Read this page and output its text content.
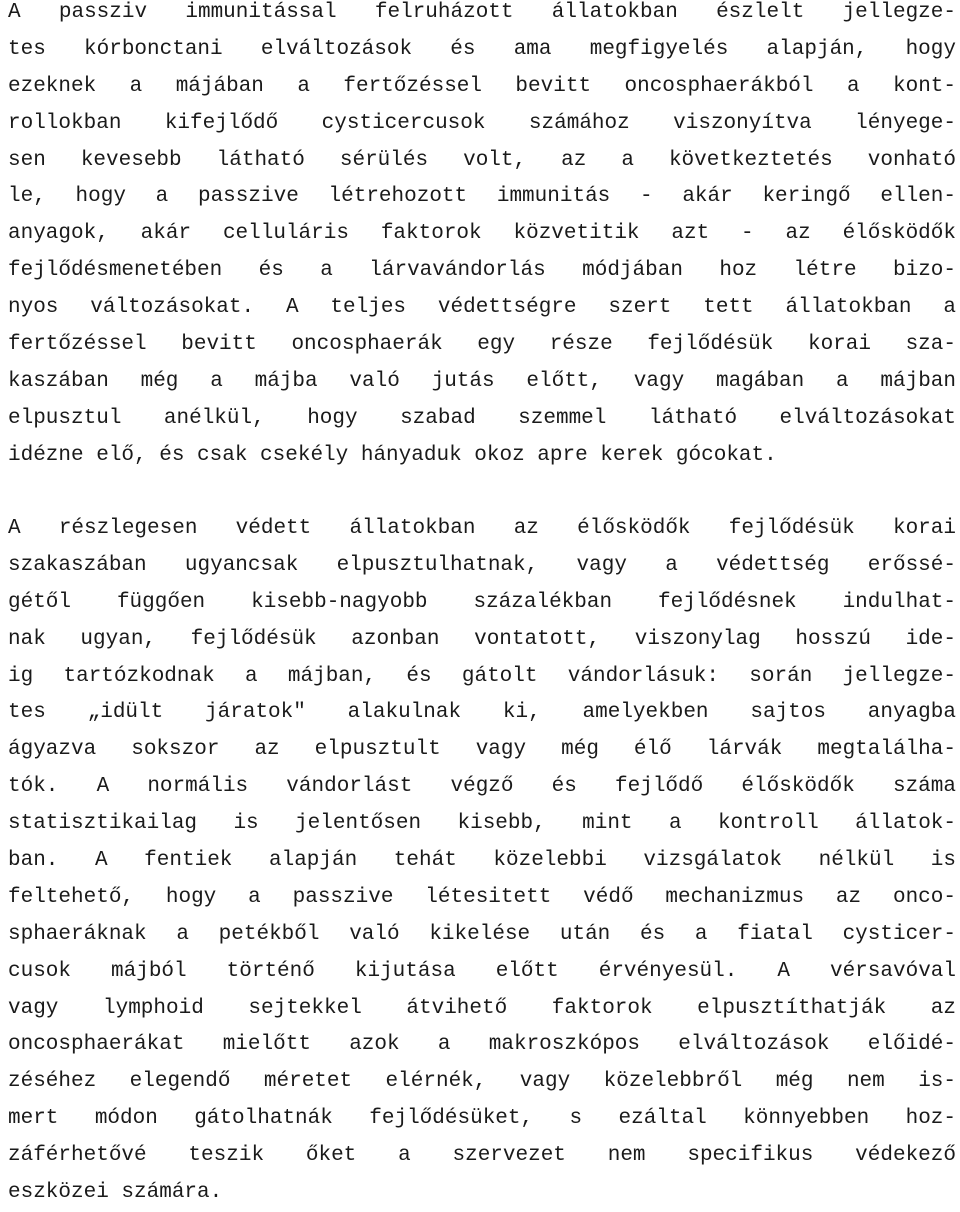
A passziv immunitással felruházott állatokban észlelt jellegze-
tes kórbonctani elváltozások és ama megfigyelés alapján, hogy
ezeknek a májában a fertőzéssel bevitt oncosphaerákból a kont-
rollokban kifejlődő cysticercusok számához viszonyítva lényege-
sen kevesebb látható sérülés volt, az a következtetés vonható
le, hogy a passzive létrehozott immunitás - akár keringő ellen-
anyagok, akár celluláris faktorok közvetitik azt - az élősködők
fejlődésmenetében és a lárvavándorlás módjában hoz létre bizo-
nyos változásokat. A teljes védettségre szert tett állatokban a
fertőzéssel bevitt oncosphaerák egy része fejlődésük korai sza-
kaszában még a májba való jutás előtt, vagy magában a májban
elpusztul anélkül, hogy szabad szemmel látható elváltozásokat
idézne elő, és csak csekély hányaduk okoz apre kerek gócokat.
A részlegesen védett állatokban az élősködők fejlődésük korai
szakaszában ugyancsak elpusztulhatnak, vagy a védettség erőssé-
gétől függően kisebb-nagyobb százalékban fejlődésnek indulhat-
nak ugyan, fejlődésük azonban vontatott, viszonylag hosszú ide-
ig tartózkodnak a májban, és gátolt vándorlásuk: során jellegze-
tes „idült járatok" alakulnak ki, amelyekben sajtos anyagba
ágyazva sokszor az elpusztult vagy még élő lárvák megtalálha-
tók. A normális vándorlást végző és fejlődő élősködők száma
statisztikailag is jelentősen kisebb, mint a kontroll állatok-
ban. A fentiek alapján tehát közelebbi vizsgálatok nélkül is
feltehető, hogy a passzive létesitett védő mechanizmus az onco-
sphaeráknak a petékből való kikelése után és a fiatal cysticer-
cusok májból történő kijutása előtt érvényesül. A vérsavóval
vagy lymphoid sejtekkel átvihető faktorok elpusztíthatják az
oncosphaerákat mielőtt azok a makroszkópos elváltozások előidé-
zéséhez elegendő méretet elérnék, vagy közelebbről még nem is-
mert módon gátolhatnák fejlődésüket, s ezáltal könnyebben hoz-
záférhetővé teszik őket a szervezet nem specifikus védekező
eszközei számára.
